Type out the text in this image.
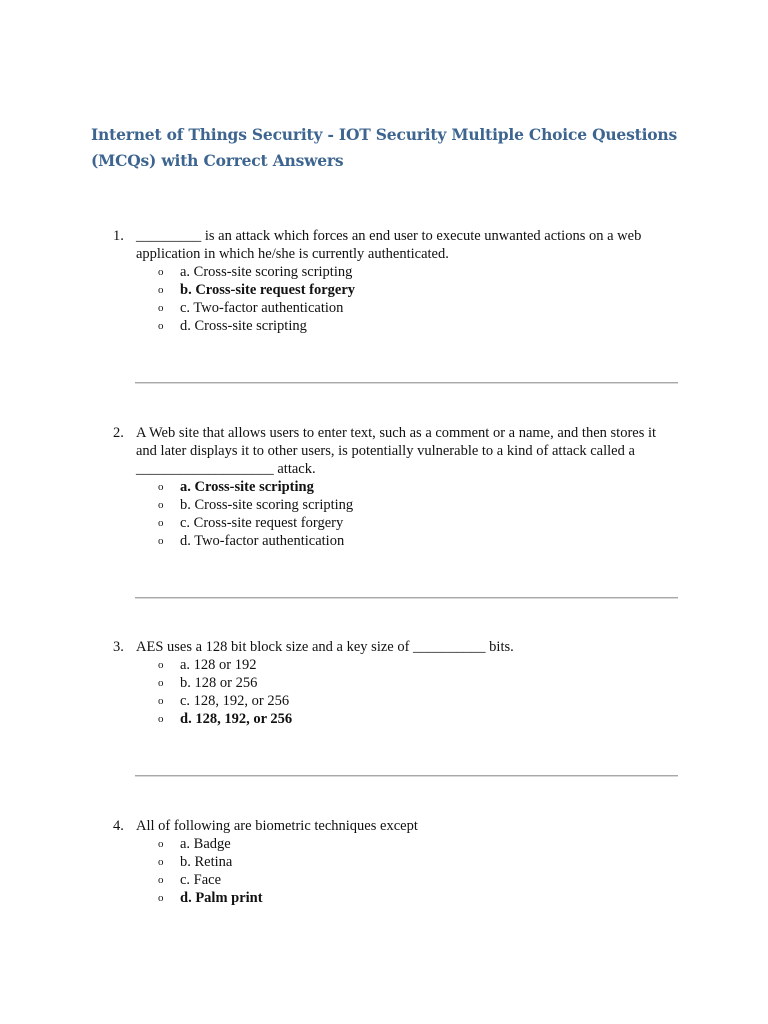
Internet of Things Security - IOT Security Multiple Choice Questions (MCQs) with Correct Answers
1. _________ is an attack which forces an end user to execute unwanted actions on a web application in which he/she is currently authenticated.
o a. Cross-site scoring scripting
o b. Cross-site request forgery
o c. Two-factor authentication
o d. Cross-site scripting
2. A Web site that allows users to enter text, such as a comment or a name, and then stores it and later displays it to other users, is potentially vulnerable to a kind of attack called a ___________________ attack.
o a. Cross-site scripting
o b. Cross-site scoring scripting
o c. Cross-site request forgery
o d. Two-factor authentication
3. AES uses a 128 bit block size and a key size of __________ bits.
o a. 128 or 192
o b. 128 or 256
o c. 128, 192, or 256
o d. 128, 192, or 256
4. All of following are biometric techniques except
o a. Badge
o b. Retina
o c. Face
o d. Palm print
